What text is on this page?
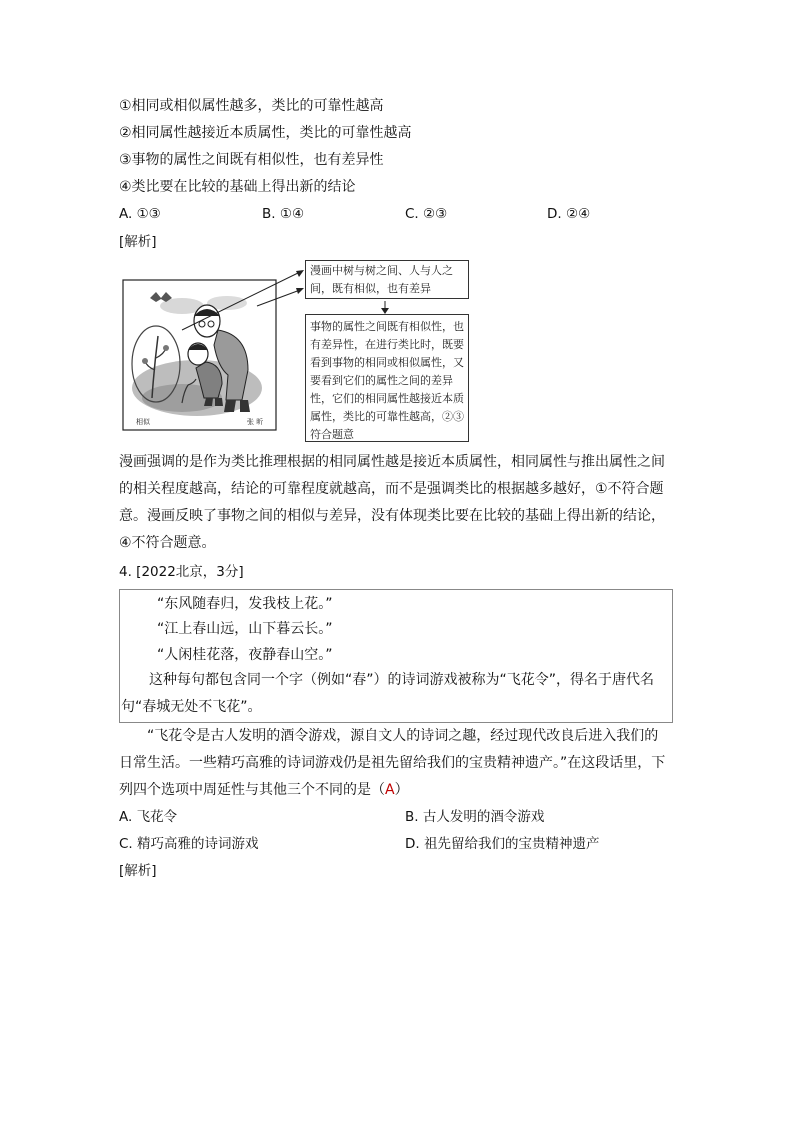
①相同或相似属性越多，类比的可靠性越高
②相同属性越接近本质属性，类比的可靠性越高
③事物的属性之间既有相似性，也有差异性
④类比要在比较的基础上得出新的结论
A. ①③	B. ①④	C. ②③	D. ②④
[解析]
相似	张 昕
漫画中树与树之间、人与人之间，既有相似，也有差异
事物的属性之间既有相似性，也有差异性，在进行类比时，既要看到事物的相同或相似属性，又要看到它们的属性之间的差异性，它们的相同属性越接近本质属性，类比的可靠性越高，②③符合题意
漫画强调的是作为类比推理根据的相同属性越是接近本质属性，相同属性与推出属性之间的相关程度越高，结论的可靠程度就越高，而不是强调类比的根据越多越好，①不符合题意。漫画反映了事物之间的相似与差异，没有体现类比要在比较的基础上得出新的结论，④不符合题意。
4. [2022北京，3分]
“东风随春归，发我枝上花。”
“江上春山远，山下暮云长。”
“人闲桂花落，夜静春山空。”
这种每句都包含同一个字（例如“春”）的诗词游戏被称为“飞花令”，得名于唐代名句“春城无处不飞花”。
“飞花令是古人发明的酒令游戏，源自文人的诗词之趣，经过现代改良后进入我们的日常生活。一些精巧高雅的诗词游戏仍是祖先留给我们的宝贵精神遗产。”在这段话里，下列四个选项中周延性与其他三个不同的是（A）
A. 飞花令	B. 古人发明的酒令游戏
C. 精巧高雅的诗词游戏	D. 祖先留给我们的宝贵精神遗产
[解析]
